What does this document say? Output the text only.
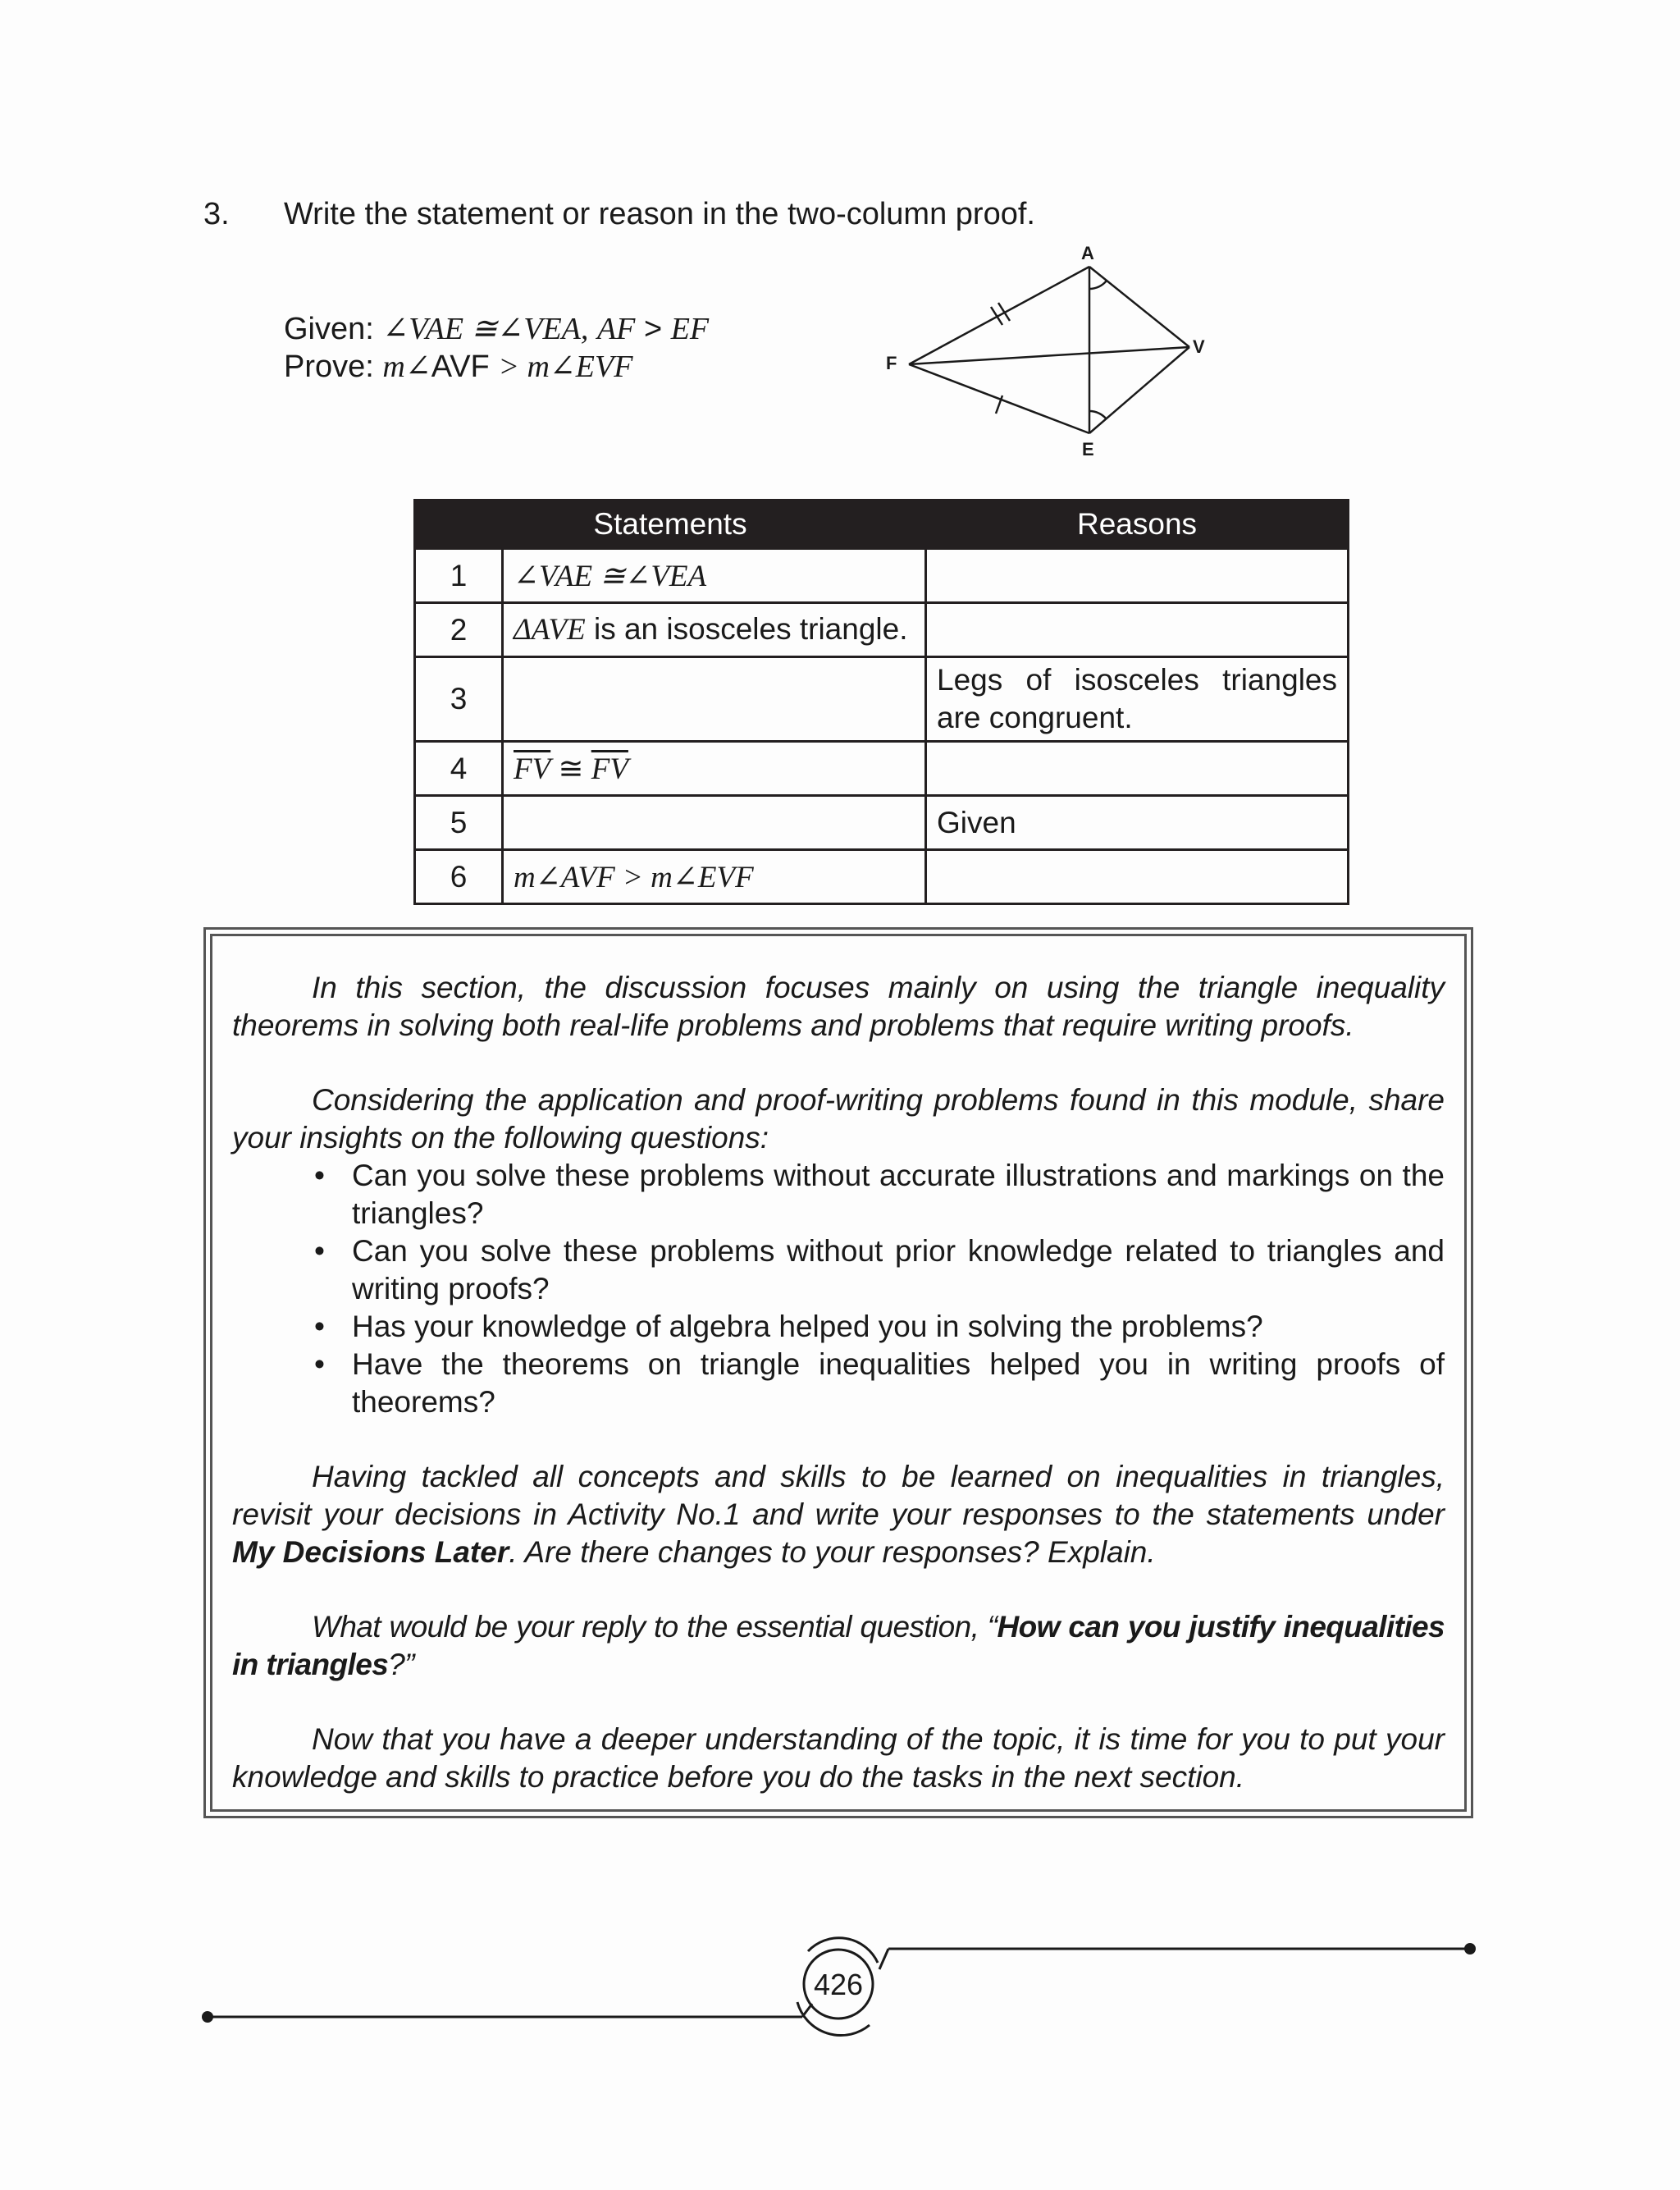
3. Write the statement or reason in the two-column proof.
Given: ∠VAE ≅∠VEA, AF > EF
Prove: m∠AVF > m∠EVF
A
V
E
F
Statements		Reasons
1	∠VAE ≅∠VEA	
2	ΔAVE is an isosceles triangle.	
3		Legs of isosceles triangles are congruent.
4	$\overline{FV}$ ≅ $\overline{FV}$	
5		Given
6	m∠AVF > m∠EVF	

In this section, the discussion focuses mainly on using the triangle inequality theorems in solving both real-life problems and problems that require writing proofs.

Considering the application and proof-writing problems found in this module, share your insights on the following questions:

• Can you solve these problems without accurate illustrations and markings on the triangles?
• Can you solve these problems without prior knowledge related to triangles and writing proofs?
• Has your knowledge of algebra helped you in solving the problems?
• Have the theorems on triangle inequalities helped you in writing proofs of theorems?

Having tackled all concepts and skills to be learned on inequalities in triangles, revisit your decisions in Activity No.1 and write your responses to the statements under My Decisions Later. Are there changes to your responses? Explain.

What would be your reply to the essential question, “How can you justify inequalities in triangles?”

Now that you have a deeper understanding of the topic, it is time for you to put your knowledge and skills to practice before you do the tasks in the next section.

426
